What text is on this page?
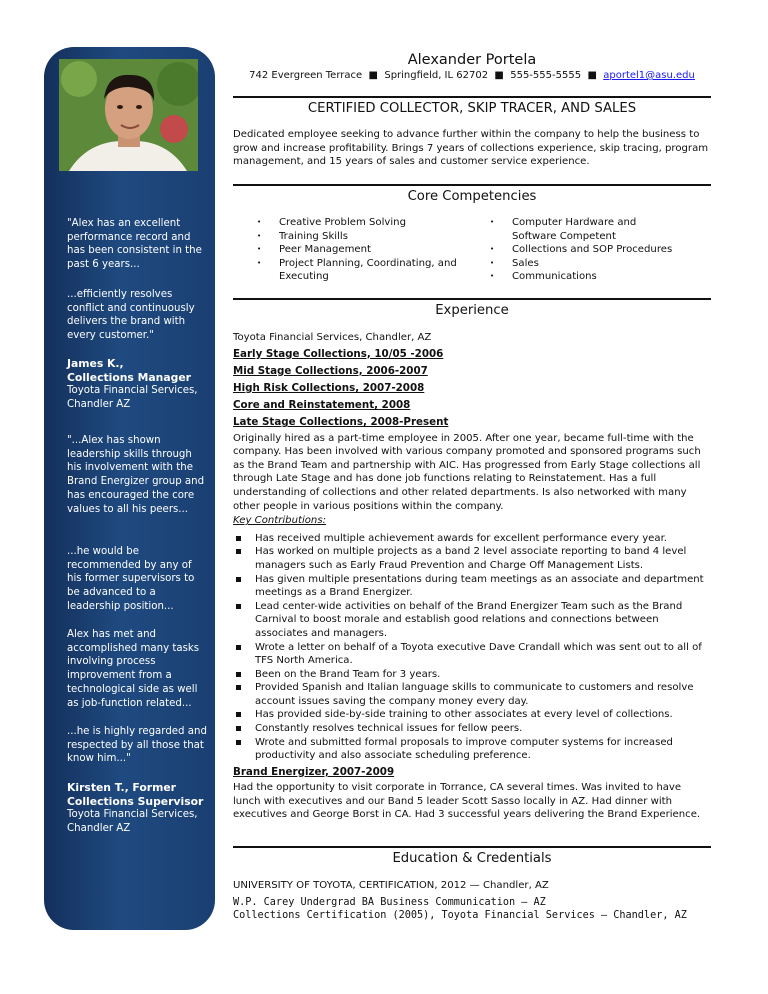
"Alex has an excellent performance record and has been consistent in the past 6 years...
...efficiently resolves conflict and continuously delivers the brand with every customer."
James K.,
Collections Manager
Toyota Financial Services, Chandler AZ
"...Alex has shown leadership skills through his involvement with the Brand Energizer group and has encouraged the core values to all his peers...
...he would be recommended by any of his former supervisors to be advanced to a leadership position...
Alex has met and accomplished many tasks involving process improvement from a technological side as well as job-function related...
...he is highly regarded and respected by all those that know him..."
Kirsten T., Former Collections Supervisor
Toyota Financial Services, Chandler AZ
Alexander Portela
742 Evergreen Terrace ■ Springfield, IL 62702 ■ 555-555-5555 ■ aportel1@asu.edu
CERTIFIED COLLECTOR, SKIP TRACER, AND SALES
Dedicated employee seeking to advance further within the company to help the business to grow and increase profitability. Brings 7 years of collections experience, skip tracing, program management, and 15 years of sales and customer service experience.
Core Competencies
• Creative Problem Solving
• Training Skills
• Peer Management
• Project Planning, Coordinating, and Executing
• Computer Hardware and Software Competent
• Collections and SOP Procedures
• Sales
• Communications
Experience
Toyota Financial Services, Chandler, AZ
Early Stage Collections, 10/05 -2006
Mid Stage Collections, 2006-2007
High Risk Collections, 2007-2008
Core and Reinstatement, 2008
Late Stage Collections, 2008-Present
Originally hired as a part-time employee in 2005. After one year, became full-time with the company. Has been involved with various company promoted and sponsored programs such as the Brand Team and partnership with AIC. Has progressed from Early Stage collections all through Late Stage and has done job functions relating to Reinstatement. Has a full understanding of collections and other related departments. Is also networked with many other people in various positions within the company.
Key Contributions:
Has received multiple achievement awards for excellent performance every year.
Has worked on multiple projects as a band 2 level associate reporting to band 4 level managers such as Early Fraud Prevention and Charge Off Management Lists.
Has given multiple presentations during team meetings as an associate and department meetings as a Brand Energizer.
Lead center-wide activities on behalf of the Brand Energizer Team such as the Brand Carnival to boost morale and establish good relations and connections between associates and managers.
Wrote a letter on behalf of a Toyota executive Dave Crandall which was sent out to all of TFS North America.
Been on the Brand Team for 3 years.
Provided Spanish and Italian language skills to communicate to customers and resolve account issues saving the company money every day.
Has provided side-by-side training to other associates at every level of collections.
Constantly resolves technical issues for fellow peers.
Wrote and submitted formal proposals to improve computer systems for increased productivity and also associate scheduling preference.
Brand Energizer, 2007-2009
Had the opportunity to visit corporate in Torrance, CA several times. Was invited to have lunch with executives and our Band 5 leader Scott Sasso locally in AZ. Had dinner with executives and George Borst in CA. Had 3 successful years delivering the Brand Experience.
Education & Credentials
UNIVERSITY OF TOYOTA, CERTIFICATION, 2012 — Chandler, AZ
W.P. Carey Undergrad BA Business Communication – AZ
Collections Certification (2005), Toyota Financial Services – Chandler, AZ
